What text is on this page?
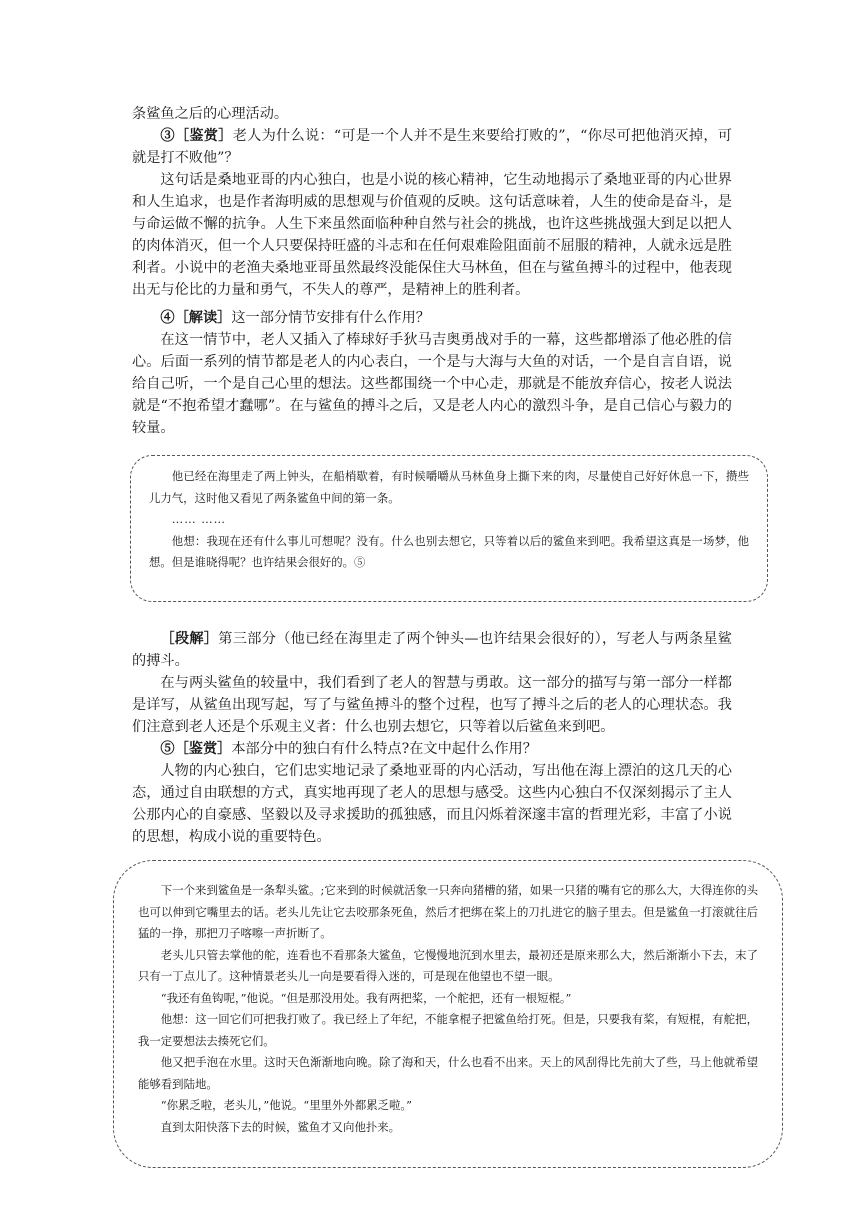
条鲨鱼之后的心理活动。

③［鉴赏］老人为什么说：“可是一个人并不是生来要给打败的”，“你尽可把他消灭掉，可就是打不败他”？

这句话是桑地亚哥的内心独白，也是小说的核心精神，它生动地揭示了桑地亚哥的内心世界和人生追求，也是作者海明威的思想观与价值观的反映。这句话意味着，人生的使命是奋斗，是与命运做不懈的抗争。人生下来虽然面临种种自然与社会的挑战，也许这些挑战强大到足以把人的肉体消灭，但一个人只要保持旺盛的斗志和在任何艰难险阻面前不屈服的精神，人就永远是胜利者。小说中的老渔夫桑地亚哥虽然最终没能保住大马林鱼，但在与鲨鱼搏斗的过程中，他表现出无与伦比的力量和勇气，不失人的尊严，是精神上的胜利者。

④［解读］这一部分情节安排有什么作用？

在这一情节中，老人又插入了棒球好手狄马吉奥勇战对手的一幕，这些都增添了他必胜的信心。后面一系列的情节都是老人的内心表白，一个是与大海与大鱼的对话，一个是自言自语，说给自己听，一个是自己心里的想法。这些都围绕一个中心走，那就是不能放弃信心，按老人说法就是“不抱希望才蠢哪”。在与鲨鱼的搏斗之后，又是老人内心的激烈斗争，是自己信心与毅力的较量。

他已经在海里走了两上钟头，在船梢歇着，有时候嚼嚼从马林鱼身上撕下来的肉，尽量使自己好好休息一下，攒些儿力气，这时他又看见了两条鲨鱼中间的第一条。

…… ……

他想：我现在还有什么事儿可想呢？没有。什么也别去想它，只等着以后的鲨鱼来到吧。我希望这真是一场梦，他想。但是谁晓得呢？也许结果会很好的。⑤

［段解］第三部分（他已经在海里走了两个钟头—也许结果会很好的），写老人与两条星鲨的搏斗。

在与两头鲨鱼的较量中，我们看到了老人的智慧与勇敢。这一部分的描写与第一部分一样都是详写，从鲨鱼出现写起，写了与鲨鱼搏斗的整个过程，也写了搏斗之后的老人的心理状态。我们注意到老人还是个乐观主义者：什么也别去想它，只等着以后鲨鱼来到吧。

⑤［鉴赏］本部分中的独白有什么特点?在文中起什么作用？

人物的内心独白，它们忠实地记录了桑地亚哥的内心活动，写出他在海上漂泊的这几天的心态，通过自由联想的方式，真实地再现了老人的思想与感受。这些内心独白不仅深刻揭示了主人公那内心的自豪感、坚毅以及寻求援助的孤独感，而且闪烁着深邃丰富的哲理光彩，丰富了小说的思想，构成小说的重要特色。

下一个来到鲨鱼是一条犁头鲨。;它来到的时候就活象一只奔向猪槽的猪，如果一只猪的嘴有它的那么大，大得连你的头也可以伸到它嘴里去的话。老头儿先让它去咬那条死鱼，然后才把绑在桨上的刀扎进它的脑子里去。但是鲨鱼一打滚就往后猛的一挣，那把刀子喀嚓一声折断了。

老头儿只管去掌他的舵，连看也不看那条大鲨鱼，它慢慢地沉到水里去，最初还是原来那么大，然后渐渐小下去，末了只有一丁点儿了。这种情景老头儿一向是要看得入迷的，可是现在他望也不望一眼。

“我还有鱼钩呢，”他说。“但是那没用处。我有两把桨，一个舵把，还有一根短棍。”

他想：这一回它们可把我打败了。我已经上了年纪，不能拿棍子把鲨鱼给打死。但是，只要我有桨，有短棍，有舵把，我一定要想法去揍死它们。

他又把手泡在水里。这时天色渐渐地向晚。除了海和天，什么也看不出来。天上的风刮得比先前大了些，马上他就希望能够看到陆地。

“你累乏啦，老头儿，”他说。“里里外外都累乏啦。”

直到太阳快落下去的时候，鲨鱼才又向他扑来。
